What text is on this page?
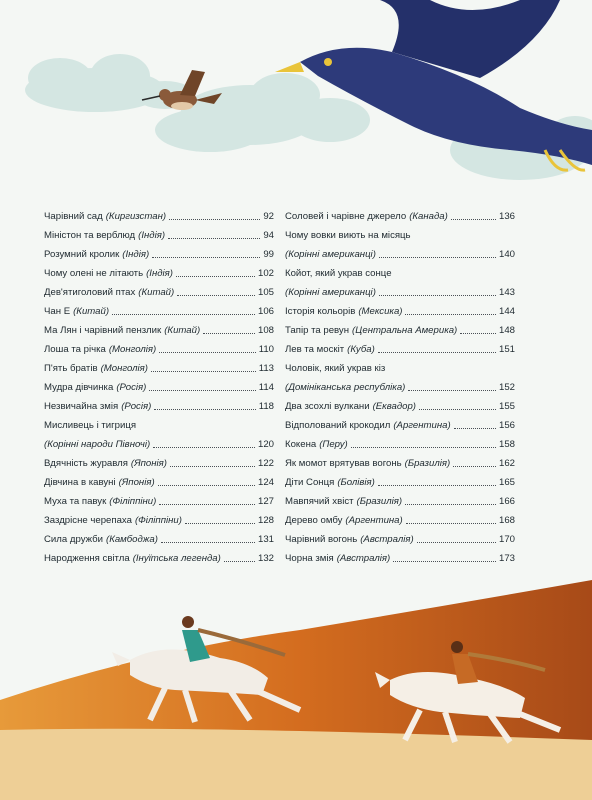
Чарівний сад (Киргизстан)	92
Міністон та верблюд (Індія)	94
Розумний кролик (Індія)	99
Чому олені не літають (Індія)	102
Дев'ятиголовий птах (Китай)	105
Чан Е (Китай)	106
Ма Лян і чарівний пензлик (Китай)	108
Лоша та річка (Монголія)	110
П'ять братів (Монголія)	113
Мудра дівчинка (Росія)	114
Незвичайна змія (Росія)	118
Мисливець і тигриця
(Корінні народи Півночі)	120
Вдячність журавля (Японія)	122
Дівчина в кавуні (Японія)	124
Муха та павук (Філіппіни)	127
Заздрісне черепаха (Філіппіни)	128
Сила дружби (Камбоджа)	131
Народження світла (Інуїтська легенда)	132
Соловей і чарівне джерело (Канада)	136
Чому вовки виють на місяць
(Корінні американці)	140
Койот, який украв сонце
(Корінні американці)	143
Історія кольорів (Мексика)	144
Тапір та ревун (Центральна Америка)	148
Лев та москіт (Куба)	151
Чоловік, який украв кіз
(Домініканська республіка)	152
Два зсохлі вулкани (Еквадор)	155
Відполований крокодил (Аргентина)	156
Кокена (Перу)	158
Як момот врятував вогонь (Бразилія)	162
Діти Сонця (Болівія)	165
Мавпячий хвіст (Бразилія)	166
Дерево омбу (Аргентина)	168
Чарівний вогонь (Австралія)	170
Чорна змія (Австралія)	173
